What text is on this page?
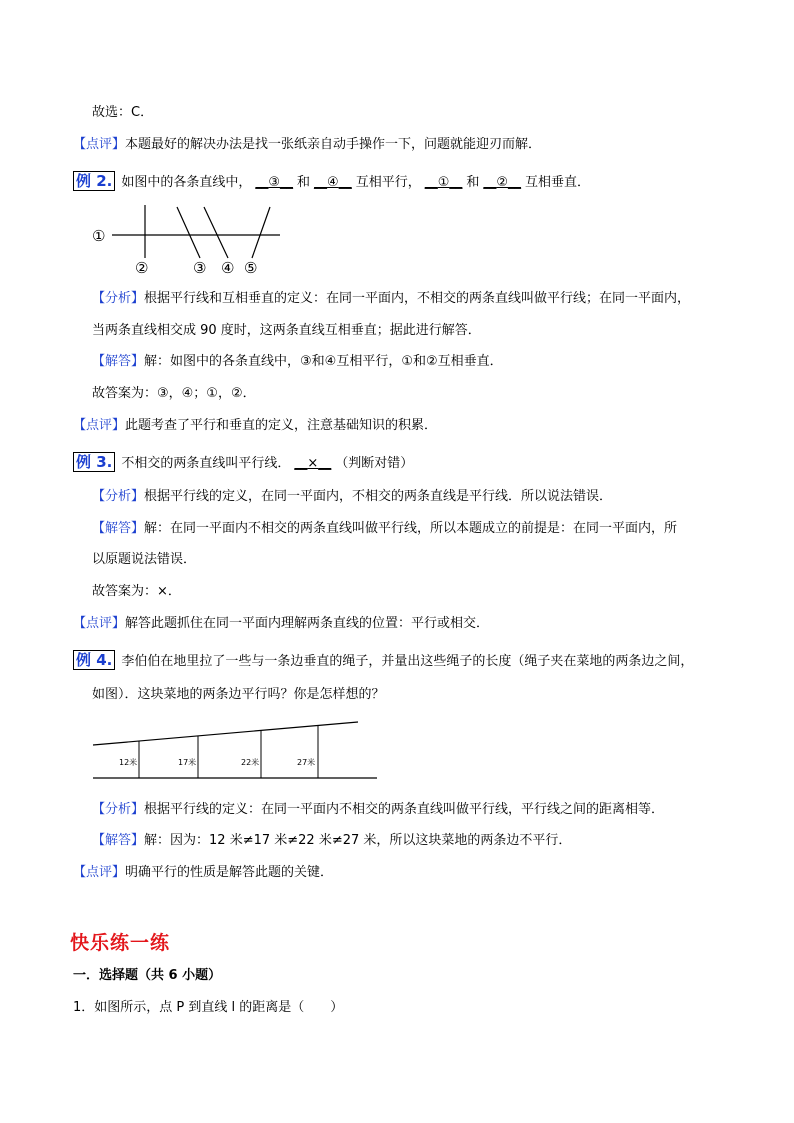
故选：C．
【点评】本题最好的解决办法是找一张纸亲自动手操作一下，问题就能迎刃而解．
例 2. 如图中的各条直线中， __③__ 和 __④__ 互相平行， __①__ 和 __②__ 互相垂直．
①
②	③ ④ ⑤
【分析】根据平行线和互相垂直的定义：在同一平面内，不相交的两条直线叫做平行线；在同一平面内，
当两条直线相交成 90 度时，这两条直线互相垂直；据此进行解答．
【解答】解：如图中的各条直线中，③和④互相平行，①和②互相垂直．
故答案为：③，④；①，②．
【点评】此题考查了平行和垂直的定义，注意基础知识的积累．
例 3. 不相交的两条直线叫平行线． __×__ （判断对错）
【分析】根据平行线的定义，在同一平面内，不相交的两条直线是平行线．所以说法错误．
【解答】解：在同一平面内不相交的两条直线叫做平行线，所以本题成立的前提是：在同一平面内，所
以原题说法错误．
故答案为：×．
【点评】解答此题抓住在同一平面内理解两条直线的位置：平行或相交．
例 4. 李伯伯在地里拉了一些与一条边垂直的绳子，并量出这些绳子的长度（绳子夹在菜地的两条边之间，
如图）．这块菜地的两条边平行吗？你是怎样想的？
12米	17米	22米	27米
【分析】根据平行线的定义：在同一平面内不相交的两条直线叫做平行线，平行线之间的距离相等．
【解答】解：因为：12 米≠17 米≠22 米≠27 米，所以这块菜地的两条边不平行．
【点评】明确平行的性质是解答此题的关键．
快乐练一练
一．选择题（共 6 小题）
1．如图所示，点 P 到直线 l 的距离是（　　）
